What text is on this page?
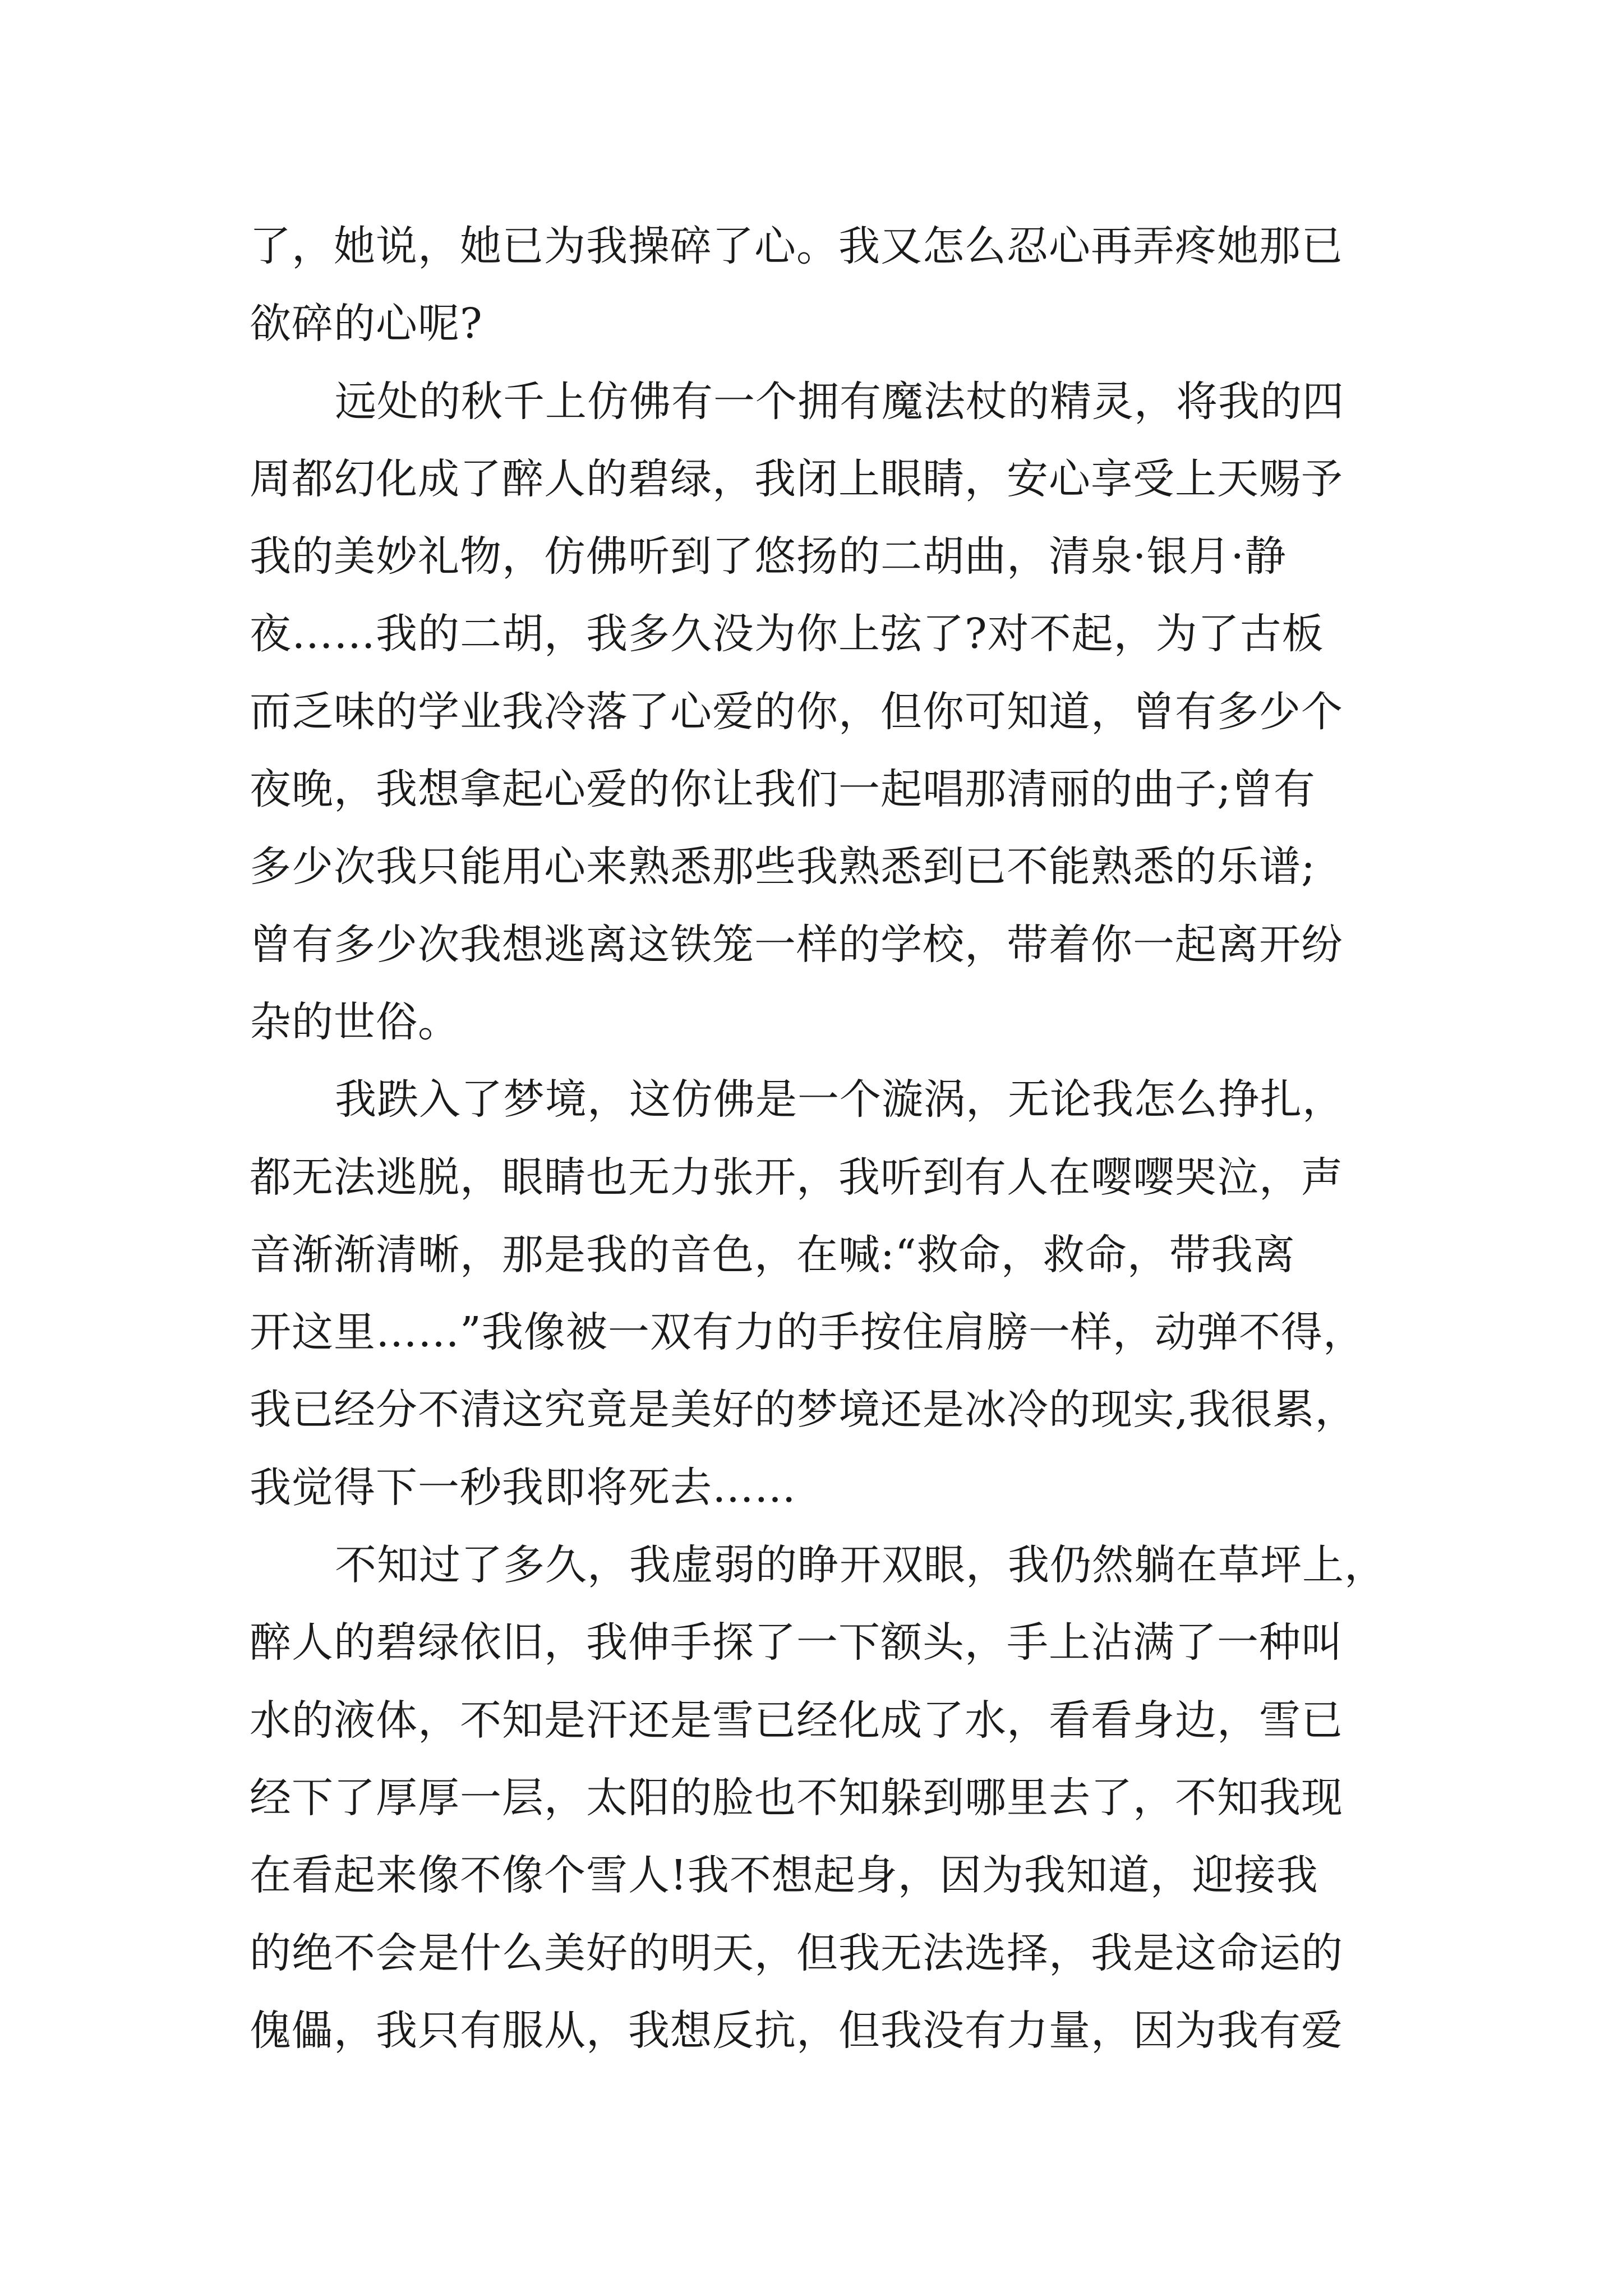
了，她说，她已为我操碎了心。我又怎么忍心再弄疼她那已
欲碎的心呢?
远处的秋千上仿佛有一个拥有魔法杖的精灵，将我的四
周都幻化成了醉人的碧绿，我闭上眼睛，安心享受上天赐予
我的美妙礼物，仿佛听到了悠扬的二胡曲，清泉·银月·静
夜……我的二胡，我多久没为你上弦了?对不起，为了古板
而乏味的学业我冷落了心爱的你，但你可知道，曾有多少个
夜晚，我想拿起心爱的你让我们一起唱那清丽的曲子;曾有
多少次我只能用心来熟悉那些我熟悉到已不能熟悉的乐谱;
曾有多少次我想逃离这铁笼一样的学校，带着你一起离开纷
杂的世俗。
我跌入了梦境，这仿佛是一个漩涡，无论我怎么挣扎，
都无法逃脱，眼睛也无力张开，我听到有人在嘤嘤哭泣，声
音渐渐清晰，那是我的音色，在喊:“救命，救命，带我离
开这里……”我像被一双有力的手按住肩膀一样，动弹不得，
我已经分不清这究竟是美好的梦境还是冰冷的现实,我很累，
我觉得下一秒我即将死去……
不知过了多久，我虚弱的睁开双眼，我仍然躺在草坪上，
醉人的碧绿依旧，我伸手探了一下额头，手上沾满了一种叫
水的液体，不知是汗还是雪已经化成了水，看看身边，雪已
经下了厚厚一层，太阳的脸也不知躲到哪里去了，不知我现
在看起来像不像个雪人!我不想起身，因为我知道，迎接我
的绝不会是什么美好的明天，但我无法选择，我是这命运的
傀儡，我只有服从，我想反抗，但我没有力量，因为我有爱
